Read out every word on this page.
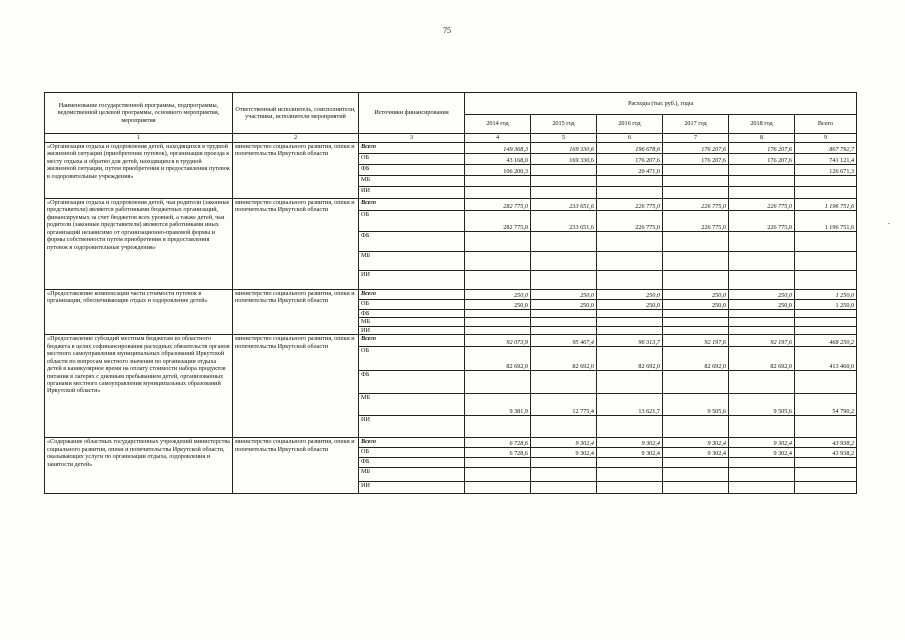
75
-
Наименование государственной программы, подпрограммы, ведомственной целевой программы, основного мероприятия, мероприятия	Ответственный исполнитель, соисполнители, участники, исполнители мероприятий	Источники финансирования	Расходы (тыс руб.), годы					
			2014 год	2015 год	2016 год	2017 год	2018 год	Всего
1	2	3	4	5	6	7	8	9
«Организация отдыха и оздоровления детей, находящихся в трудной жизненной ситуации (приобретение путевок), организация проезда к месту отдыха и обратно для детей, находящихся в трудной жизненной ситуации, путем приобретения и предоставления путевок в оздоровительные учреждения»	министерство социального развития, опеки и попечительства Иркутской области	Всего	149 368,3	169 330,6	196 678,6	176 207,6	176 207,6	867 792,7
		ОБ	43 168,0	169 330,6	176 207,6	176 207,6	176 207,6	741 121,4
		ФБ	106 200,3		20 471,0			126 671,3
		МБ						
		ИИ						
«Организация отдыха и оздоровления детей, чьи родители (законные представители) являются работниками бюджетных организаций, финансируемых за счет бюджетов всех уровней, а также детей, чьи родители (законные представители) являются работниками иных организаций независимо от организационно-правовой формы и формы собственности путем приобретения и предоставления путевок в оздоровительные учреждения»	министерство социального развития, опеки и попечительства Иркутской области	Всего	282 775,0	233 651,6	226 775,0	226 775,0	226 775,0	1 196 751,6
		ОБ	282 775,0	233 651,6	226 775,0	226 775,0	226 775,0	1 196 751,6
		ФБ						
		МБ						
		ИИ						
«Предоставление компенсации части стоимости путевок в организации, обеспечивающие отдых и оздоровление детей»	министерство социального развития, опеки и попечительства Иркутской области	Всего	250,0	250,0	250,0	250,0	250,0	1 250,0
		ОБ	250,0	250,0	250,0	250,0	250,0	1 250,0
		ФБ						
		МБ						
		ИИ						
«Предоставление субсидий местным бюджетам из областного бюджета в целях софинансирования расходных обязательств органов местного самоуправления муниципальных образований Иркутской области по вопросам местного значения по организации отдыха детей в каникулярное время на оплату стоимости набора продуктов питания в лагерях с дневным пребыванием детей, организованных органами местного самоуправления муниципальных образований Иркутской области»	министерство социального развития, опеки и попечительства Иркутской области	Всего	92 073,9	95 467,4	96 313,7	92 197,6	92 197,6	468 250,2
		ОБ	82 692,0	82 692,0	82 692,0	82 692,0	82 692,0	413 460,0
		ФБ						
		МБ	9 381,9	12 775,4	13 621,7	9 505,6	9 505,6	54 790,2
		ИИ						
«Содержание областных государственных учреждений министерства социального развития, опеки и попечительства Иркутской области, оказывающих услуги по организации отдыха, оздоровления и занятости детей»	министерство социального развития, опеки и попечительства Иркутской области	Всего	6 728,6	9 302,4	9 302,4	9 302,4	9 302,4	43 938,2
		ОБ	6 728,6	9 302,4	9 302,4	9 302,4	9 302,4	43 938,2
		ФБ						
		МБ						
		ИИ						
